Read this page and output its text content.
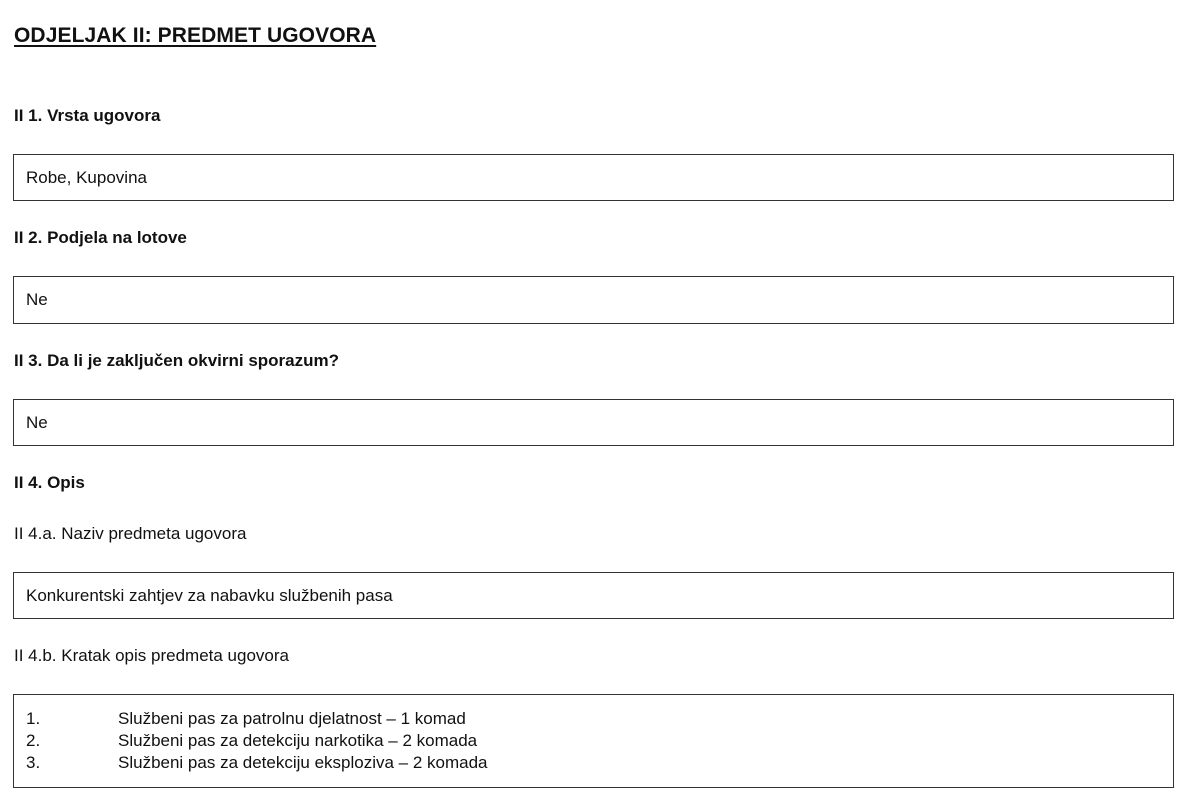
ODJELJAK II: PREDMET UGOVORA
II 1. Vrsta ugovora
Robe, Kupovina
II 2. Podjela na lotove
Ne
II 3. Da li je zaključen okvirni sporazum?
Ne
II 4. Opis
II 4.a. Naziv predmeta ugovora
Konkurentski zahtjev za nabavku službenih pasa
II 4.b. Kratak opis predmeta ugovora
1.	Službeni pas za patrolnu djelatnost – 1 komad
2.	Službeni pas za detekciju narkotika – 2 komada
3.	Službeni pas za detekciju eksploziva – 2 komada
